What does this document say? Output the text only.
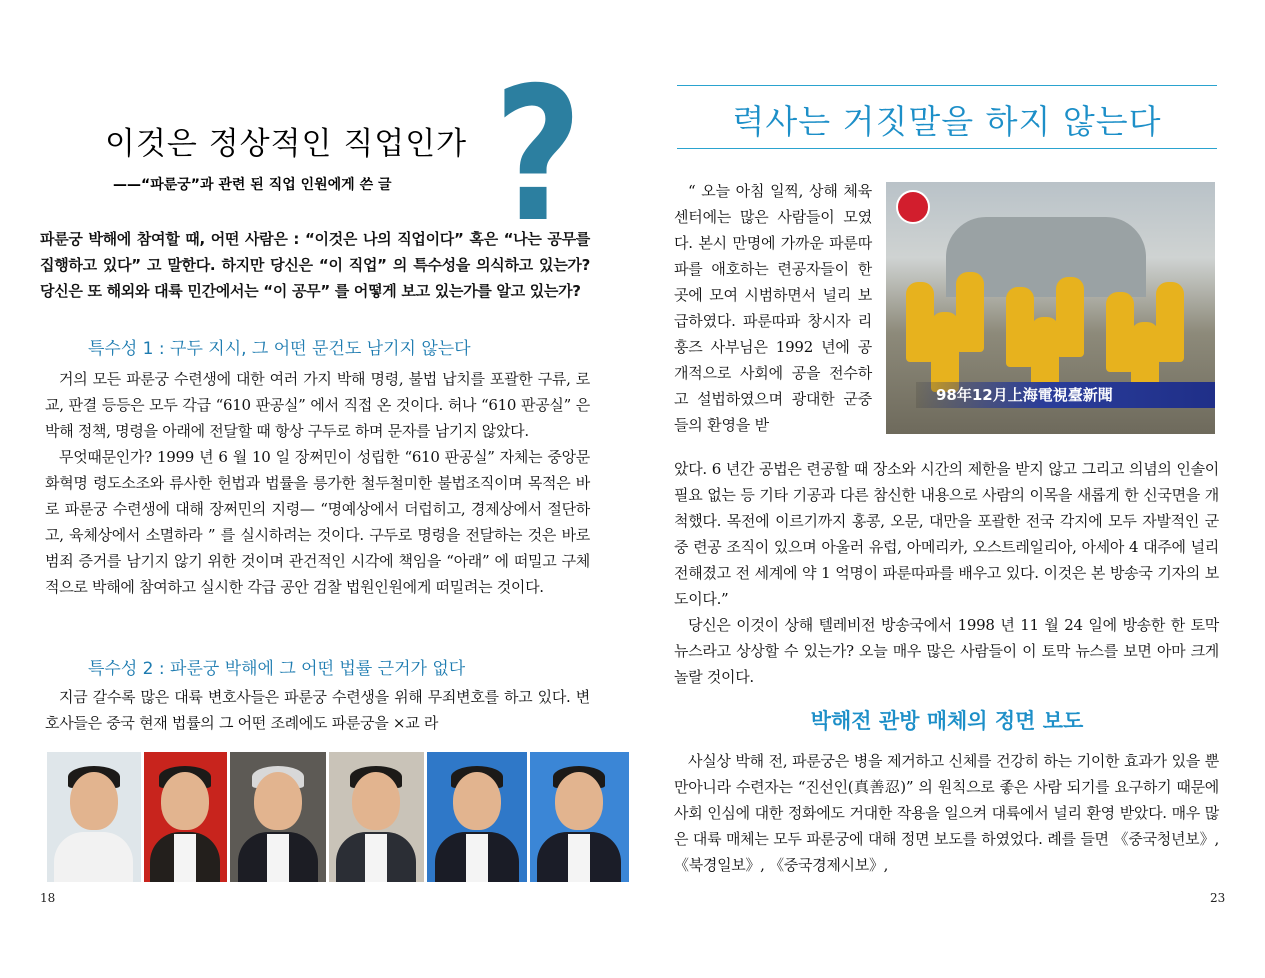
이것은 정상적인 직업인가 ?
——“파룬궁”과 관련 된 직업 인원에게 쓴 글
파룬궁 박해에 참여할 때, 어떤 사람은 : “이것은 나의 직업이다” 혹은 “나는 공무를 집행하고 있다” 고 말한다. 하지만 당신은 “이 직업” 의 특수성을 의식하고 있는가? 당신은 또 해외와 대륙 민간에서는 “이 공무” 를 어떻게 보고 있는가를 알고 있는가?
특수성 1 : 구두 지시, 그 어떤 문건도 남기지 않는다

거의 모든 파룬궁 수련생에 대한 여러 가지 박해 명령, 불법 납치를 포괄한 구류, 로교, 판결 등등은 모두 각급 “610 판공실” 에서 직접 온 것이다. 허나 “610 판공실” 은 박해 정책, 명령을 아래에 전달할 때 항상 구두로 하며 문자를 남기지 않았다.

무엇때문인가? 1999 년 6 월 10 일 장쩌민이 성립한 “610 판공실” 자체는 중앙문화혁명 령도소조와 류사한 헌법과 법률을 릉가한 철두철미한 불법조직이며 목적은 바로 파룬궁 수련생에 대해 장쩌민의 지령— “명예상에서 더럽히고, 경제상에서 절단하고, 육체상에서 소멸하라 ” 를 실시하려는 것이다. 구두로 명령을 전달하는 것은 바로 범죄 증거를 남기지 않기 위한 것이며 관건적인 시각에 책임을 “아래” 에 떠밀고 구체적으로 박해에 참여하고 실시한 각급 공안 검찰 법원인원에게 떠밀려는 것이다.

특수성 2 : 파룬궁 박해에 그 어떤 법률 근거가 없다

지금 갈수록 많은 대륙 변호사들은 파룬궁 수련생을 위해 무죄변호를 하고 있다. 변호사들은 중국 현재 법률의 그 어떤 조례에도 파룬궁을 ×교 라

18
력사는 거짓말을 하지 않는다

“ 오늘 아침 일찍, 상해 체육센터에는 많은 사람들이 모였다. 본시 만명에 가까운 파룬따파를 애호하는 련공자들이 한곳에 모여 시범하면서 널리 보급하였다. 파룬따파 창시자 리훙즈 사부님은 1992 년에 공개적으로 사회에 공을 전수하고 설법하였으며 광대한 군중들의 환영을 받

98年12月上海電視臺新聞

았다. 6 년간 공법은 련공할 때 장소와 시간의 제한을 받지 않고 그리고 의념의 인솔이 필요 없는 등 기타 기공과 다른 참신한 내용으로 사람의 이목을 새롭게 한 신국면을 개척했다. 목전에 이르기까지 홍콩, 오문, 대만을 포괄한 전국 각지에 모두 자발적인 군중 련공 조직이 있으며 아울러 유럽, 아메리카, 오스트레일리아, 아세아 4 대주에 널리 전해졌고 전 세계에 약 1 억명이 파룬따파를 배우고 있다. 이것은 본 방송국 기자의 보도이다.”

당신은 이것이 상해 텔레비전 방송국에서 1998 년 11 월 24 일에 방송한 한 토막 뉴스라고 상상할 수 있는가? 오늘 매우 많은 사람들이 이 토막 뉴스를 보면 아마 크게 놀랄 것이다.

박해전 관방 매체의 정면 보도

사실상 박해 전, 파룬궁은 병을 제거하고 신체를 건강히 하는 기이한 효과가 있을 뿐만아니라 수련자는 “진선인(真善忍)” 의 원칙으로 좋은 사람 되기를 요구하기 때문에 사회 인심에 대한 정화에도 거대한 작용을 일으켜 대륙에서 널리 환영 받았다. 매우 많은 대륙 매체는 모두 파룬궁에 대해 정면 보도를 하였었다. 례를 들면 《중국청년보》, 《북경일보》, 《중국경제시보》,

23
